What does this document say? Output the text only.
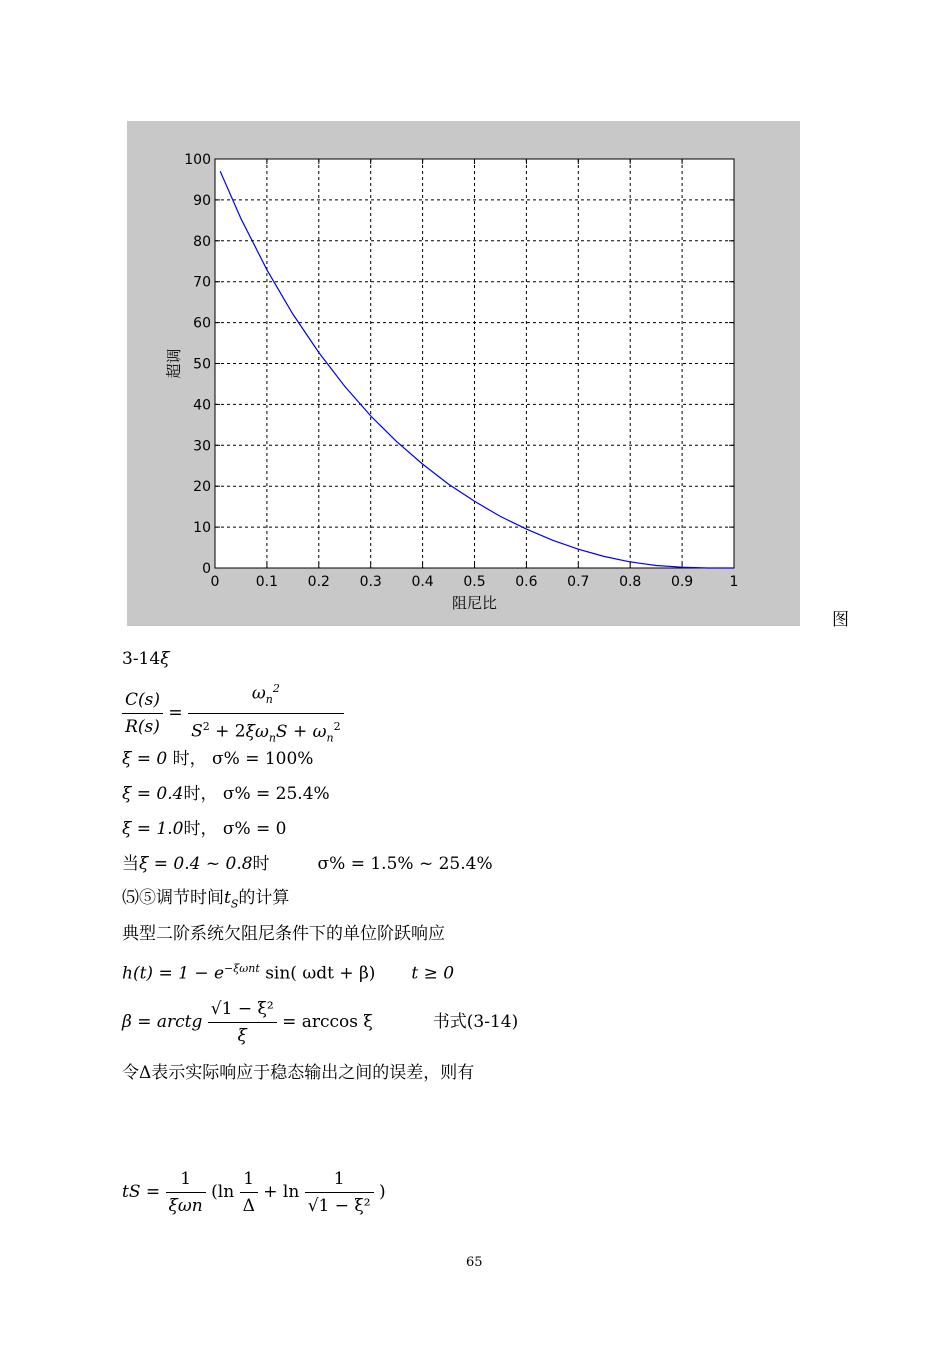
0	0.1 0.2 0.3 0.4 0.5 0.6 0.7 0.8 0.9	1
0
10
20
30
40
50
60
70
80
90
100
阻尼比
超调
图
3-14ξ
$\frac{C(s)}{R(s)} = \frac{\omega_n^2}{S^2 + 2\xi\omega_nS + \omega_n^2}$
ξ = 0 时， σ% = 100%
ξ = 0.4时， σ% = 25.4%
ξ = 1.0时， σ% = 0
当ξ = 0.4 ~ 0.8时	σ% = 1.5% ~ 25.4%
⑸⑤调节时间$t_S$的计算
典型二阶系统欠阻尼条件下的单位阶跃响应
$h(t) = 1 - e^{-\xi\omega nt}$ sin( ωdt + β) t ≥ 0
β = arctg $\frac{\text{√1 − ξ²}}{\xi} = \arccos \xi$	书式(3-14)
令Δ表示实际响应于稳态输出之间的误差，则有
tS = $\frac{1}{\text{ξωn}} (\ln \frac{1}{\Delta} + \ln \frac{1}{\text{√1 − ξ²}}$ )
65
